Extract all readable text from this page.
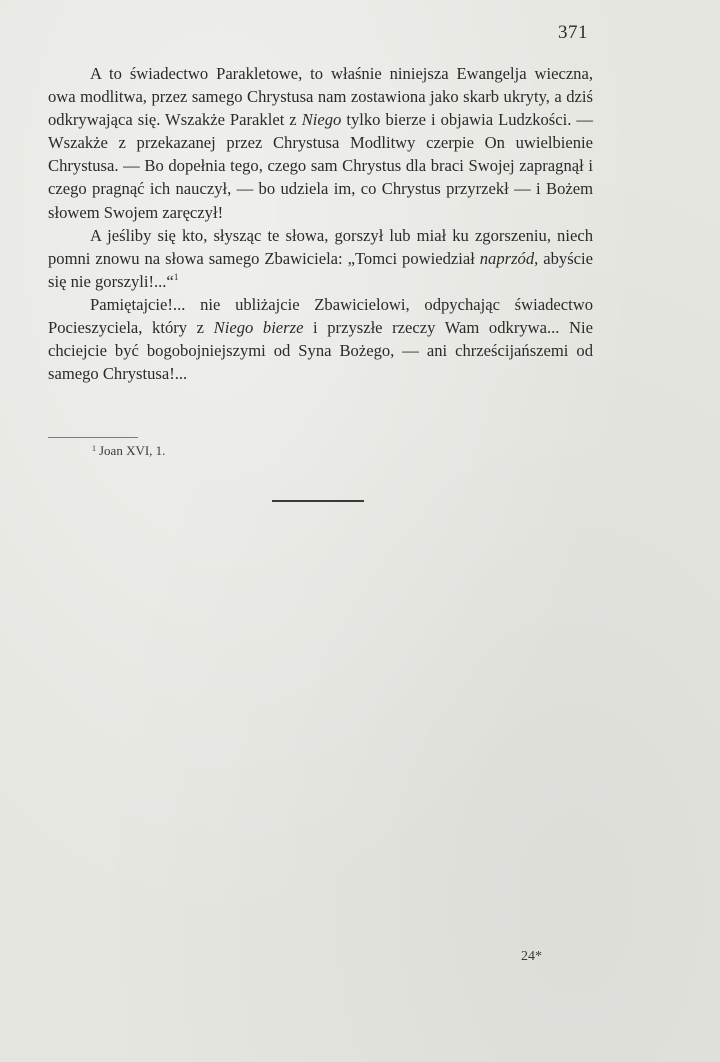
371

A to świadectwo Parakletowe, to właśnie niniejsza Ewangelja wieczna, owa modlitwa, przez samego Chrystusa nam zostawiona jako skarb ukryty, a dziś odkrywająca się. Wszakże Paraklet z Niego tylko bierze i objawia Ludzkości. — Wszakże z przekazanej przez Chrystusa Modlitwy czerpie On uwielbienie Chrystusa. — Bo dopełnia tego, czego sam Chrystus dla braci Swojej zapragnął i czego pragnąć ich nauczył, — bo udziela im, co Chrystus przyrzekł — i Bożem słowem Swojem zaręczył!

A jeśliby się kto, słysząc te słowa, gorszył lub miał ku zgorszeniu, niech pomni znowu na słowa samego Zbawiciela: „Tomci powiedział naprzód, abyście się nie gorszyli!...“$^1$

Pamiętajcie!... nie ubliżajcie Zbawicielowi, odpychając świadectwo Pocieszyciela, który z Niego bierze i przyszłe rzeczy Wam odkrywa... Nie chciejcie być bogobojniejszymi od Syna Bożego, — ani chrześcijańszemi od samego Chrystusa!...

$^1$ Joan XVI, 1.
24*
